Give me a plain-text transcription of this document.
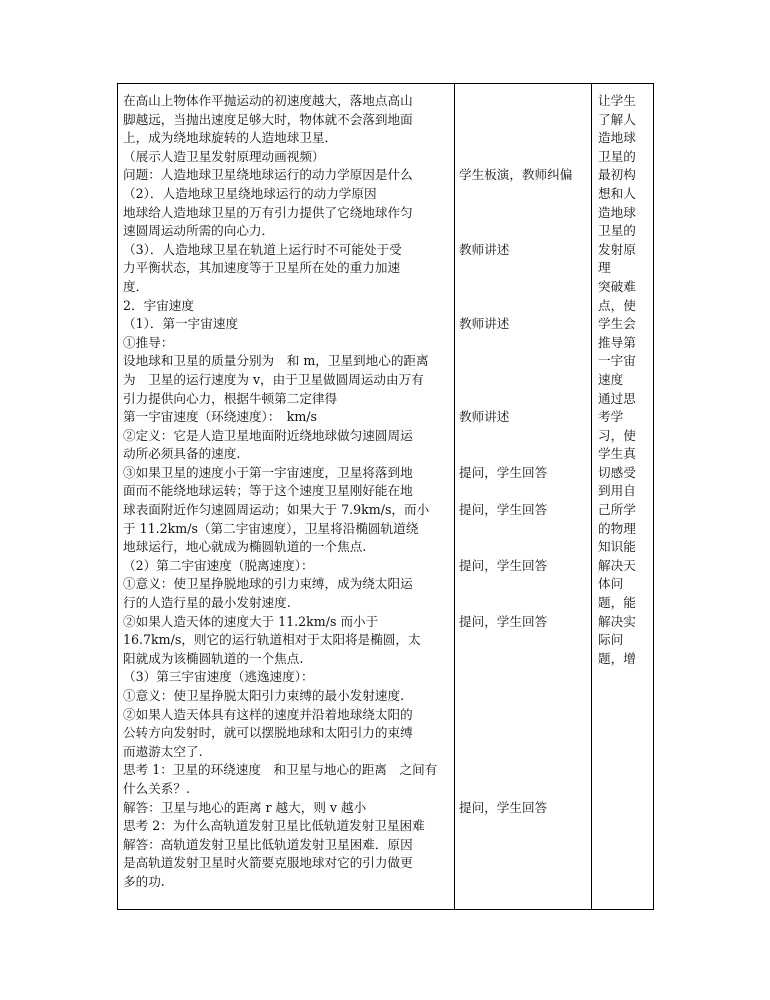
在高山上物体作平抛运动的初速度越大，落地点高山
脚越远，当抛出速度足够大时，物体就不会落到地面
上，成为绕地球旋转的人造地球卫星．
（展示人造卫星发射原理动画视频）
问题：人造地球卫星绕地球运行的动力学原因是什么
（2）．人造地球卫星绕地球运行的动力学原因
地球给人造地球卫星的万有引力提供了它绕地球作匀
速圆周运动所需的向心力．
（3）．人造地球卫星在轨道上运行时不可能处于受
力平衡状态，其加速度等于卫星所在处的重力加速
度．
2．宇宙速度
（1）．第一宇宙速度
①推导：
设地球和卫星的质量分别为　和 m，卫星到地心的距离
为　卫星的运行速度为 v，由于卫星做圆周运动由万有
引力提供向心力，根据牛顿第二定律得
第一宇宙速度（环绕速度）：　km/s
②定义：它是人造卫星地面附近绕地球做匀速圆周运
动所必须具备的速度.
③如果卫星的速度小于第一宇宙速度，卫星将落到地
面而不能绕地球运转；等于这个速度卫星刚好能在地
球表面附近作匀速圆周运动；如果大于 7.9km/s，而小
于 11.2km/s（第二宇宙速度），卫星将沿椭圆轨道绕
地球运行，地心就成为椭圆轨道的一个焦点.
（2）第二宇宙速度（脱离速度）：
①意义：使卫星挣脱地球的引力束缚，成为绕太阳运
行的人造行星的最小发射速度.
②如果人造天体的速度大于 11.2km/s 而小于
16.7km/s，则它的运行轨道相对于太阳将是椭圆，太
阳就成为该椭圆轨道的一个焦点.
（3）第三宇宙速度（逃逸速度）：
①意义：使卫星挣脱太阳引力束缚的最小发射速度.
②如果人造天体具有这样的速度并沿着地球绕太阳的
公转方向发射时，就可以摆脱地球和太阳引力的束缚
而遨游太空了.
思考 1：卫星的环绕速度　和卫星与地心的距离　之间有
什么关系？.
解答：卫星与地心的距离 r 越大，则 v 越小
思考 2：为什么高轨道发射卫星比低轨道发射卫星困难
解答：高轨道发射卫星比低轨道发射卫星困难．原因
是高轨道发射卫星时火箭要克服地球对它的引力做更
多的功.
学生板演，教师纠偏
教师讲述
教师讲述
教师讲述
提问，学生回答
提问，学生回答
提问，学生回答
提问，学生回答
提问，学生回答
让学生
了解人
造地球
卫星的
最初构
想和人
造地球
卫星的
发射原
理
突破难
点，使
学生会
推导第
一宇宙
速度
通过思
考学
习，使
学生真
切感受
到用自
己所学
的物理
知识能
解决天
体问
题，能
解决实
际问
题，增
